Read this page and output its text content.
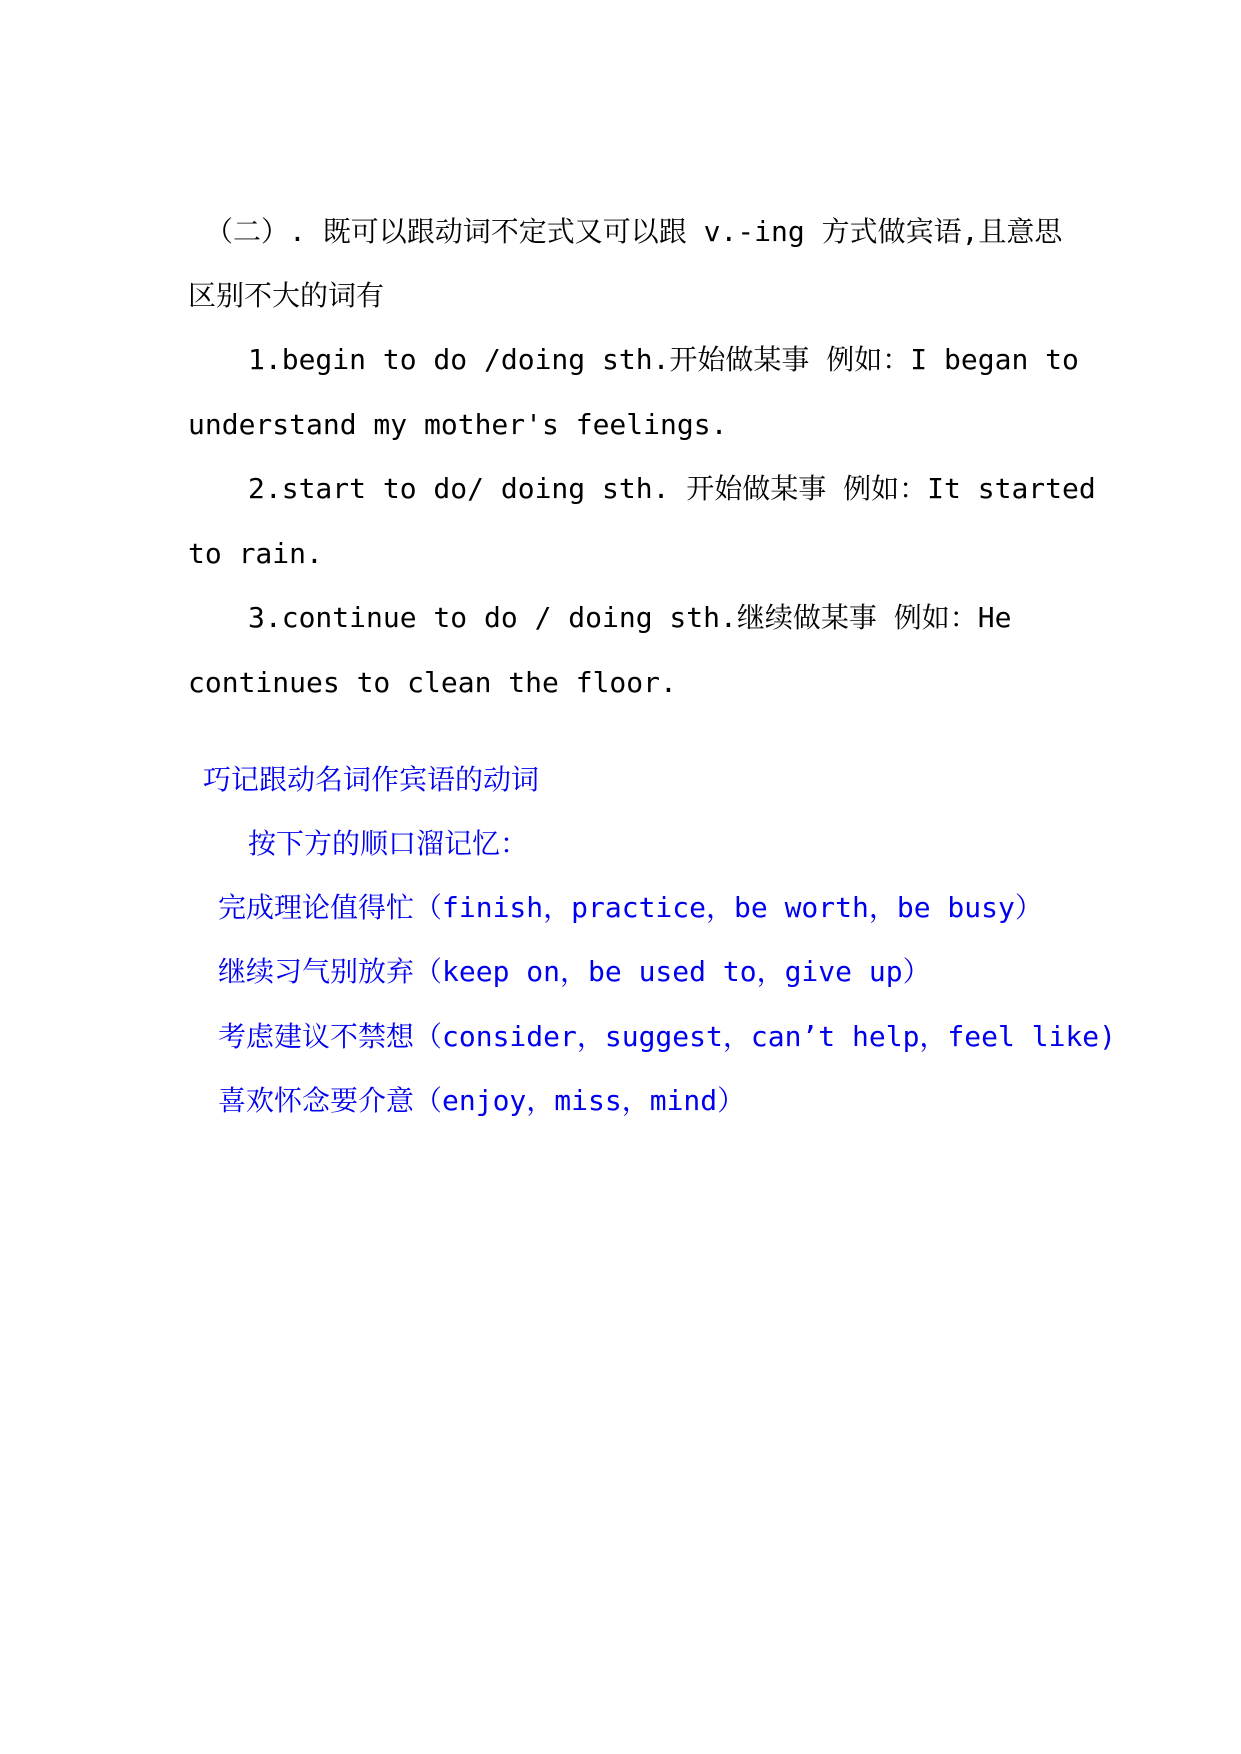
（二）. 既可以跟动词不定式又可以跟 v.-ing 方式做宾语,且意思
区别不大的词有
1.begin to do /doing sth.开始做某事 例如：I began to
understand my mother's feelings.
2.start to do/ doing sth. 开始做某事 例如：It started
to rain.
3.continue to do / doing sth.继续做某事 例如：He
continues to clean the floor.
巧记跟动名词作宾语的动词
按下方的顺口溜记忆：
完成理论值得忙（finish，practice，be worth，be busy）
继续习气别放弃（keep on，be used to，give up）
考虑建议不禁想（consider，suggest，can’t help，feel like)
喜欢怀念要介意（enjoy，miss，mind）
